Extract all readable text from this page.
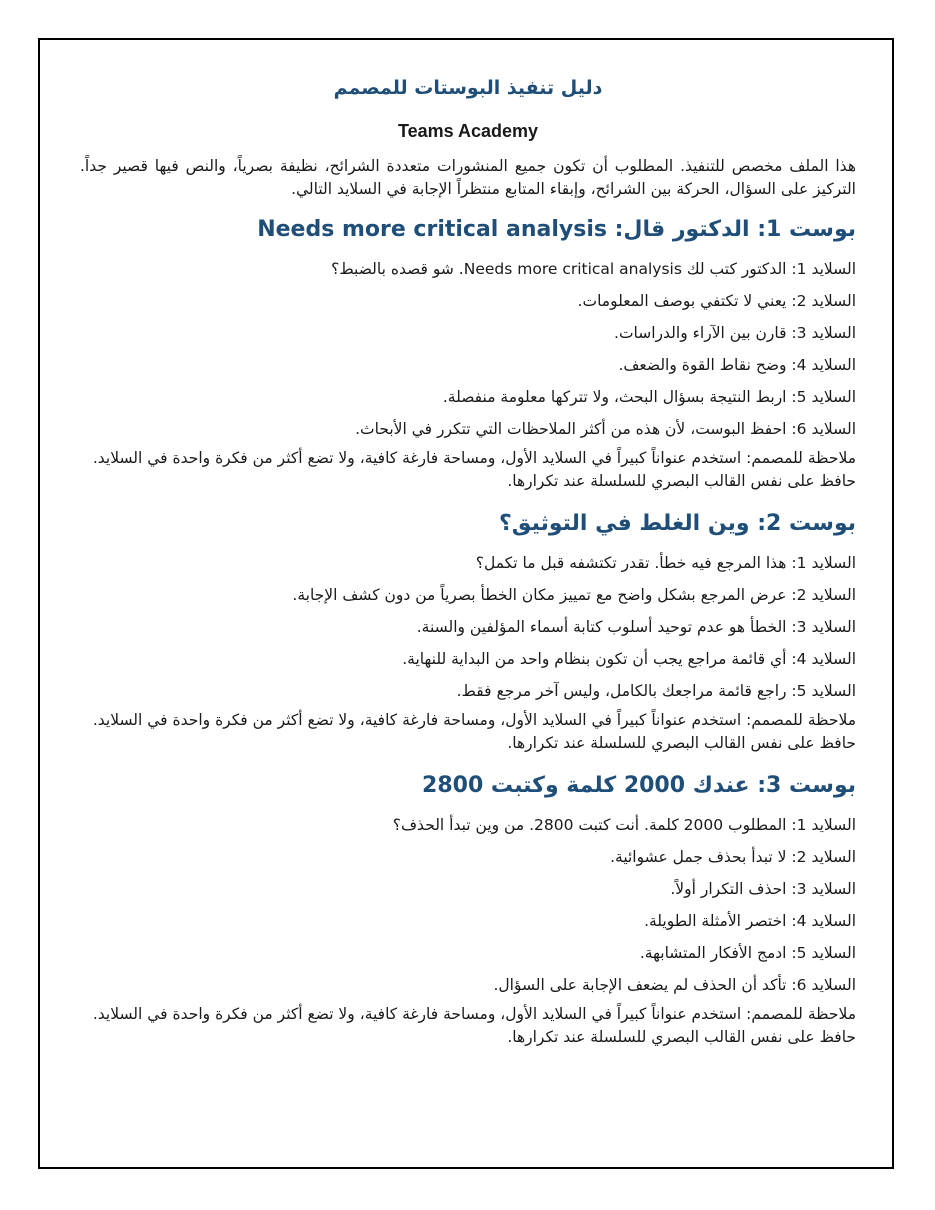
دليل تنفيذ البوستات للمصمم
Teams Academy

هذا الملف مخصص للتنفيذ. المطلوب أن تكون جميع المنشورات متعددة الشرائح، نظيفة بصرياً، والنص فيها قصير جداً. التركيز على السؤال، الحركة بين الشرائح، وإبقاء المتابع منتظراً الإجابة في السلايد التالي.

بوست 1: الدكتور قال: Needs more critical analysis

السلايد 1: الدكتور كتب لك Needs more critical analysis. شو قصده بالضبط؟

السلايد 2: يعني لا تكتفي بوصف المعلومات.

السلايد 3: قارن بين الآراء والدراسات.

السلايد 4: وضح نقاط القوة والضعف.

السلايد 5: اربط النتيجة بسؤال البحث، ولا تتركها معلومة منفصلة.

السلايد 6: احفظ البوست، لأن هذه من أكثر الملاحظات التي تتكرر في الأبحاث.

ملاحظة للمصمم: استخدم عنواناً كبيراً في السلايد الأول، ومساحة فارغة كافية، ولا تضع أكثر من فكرة واحدة في السلايد. حافظ على نفس القالب البصري للسلسلة عند تكرارها.

بوست 2: وين الغلط في التوثيق؟

السلايد 1: هذا المرجع فيه خطأ. تقدر تكتشفه قبل ما تكمل؟

السلايد 2: عرض المرجع بشكل واضح مع تمييز مكان الخطأ بصرياً من دون كشف الإجابة.

السلايد 3: الخطأ هو عدم توحيد أسلوب كتابة أسماء المؤلفين والسنة.

السلايد 4: أي قائمة مراجع يجب أن تكون بنظام واحد من البداية للنهاية.

السلايد 5: راجع قائمة مراجعك بالكامل، وليس آخر مرجع فقط.

ملاحظة للمصمم: استخدم عنواناً كبيراً في السلايد الأول، ومساحة فارغة كافية، ولا تضع أكثر من فكرة واحدة في السلايد. حافظ على نفس القالب البصري للسلسلة عند تكرارها.

بوست 3: عندك 2000 كلمة وكتبت 2800

السلايد 1: المطلوب 2000 كلمة. أنت كتبت 2800. من وين تبدأ الحذف؟

السلايد 2: لا تبدأ بحذف جمل عشوائية.

السلايد 3: احذف التكرار أولاً.

السلايد 4: اختصر الأمثلة الطويلة.

السلايد 5: ادمج الأفكار المتشابهة.

السلايد 6: تأكد أن الحذف لم يضعف الإجابة على السؤال.

ملاحظة للمصمم: استخدم عنواناً كبيراً في السلايد الأول، ومساحة فارغة كافية، ولا تضع أكثر من فكرة واحدة في السلايد. حافظ على نفس القالب البصري للسلسلة عند تكرارها.
